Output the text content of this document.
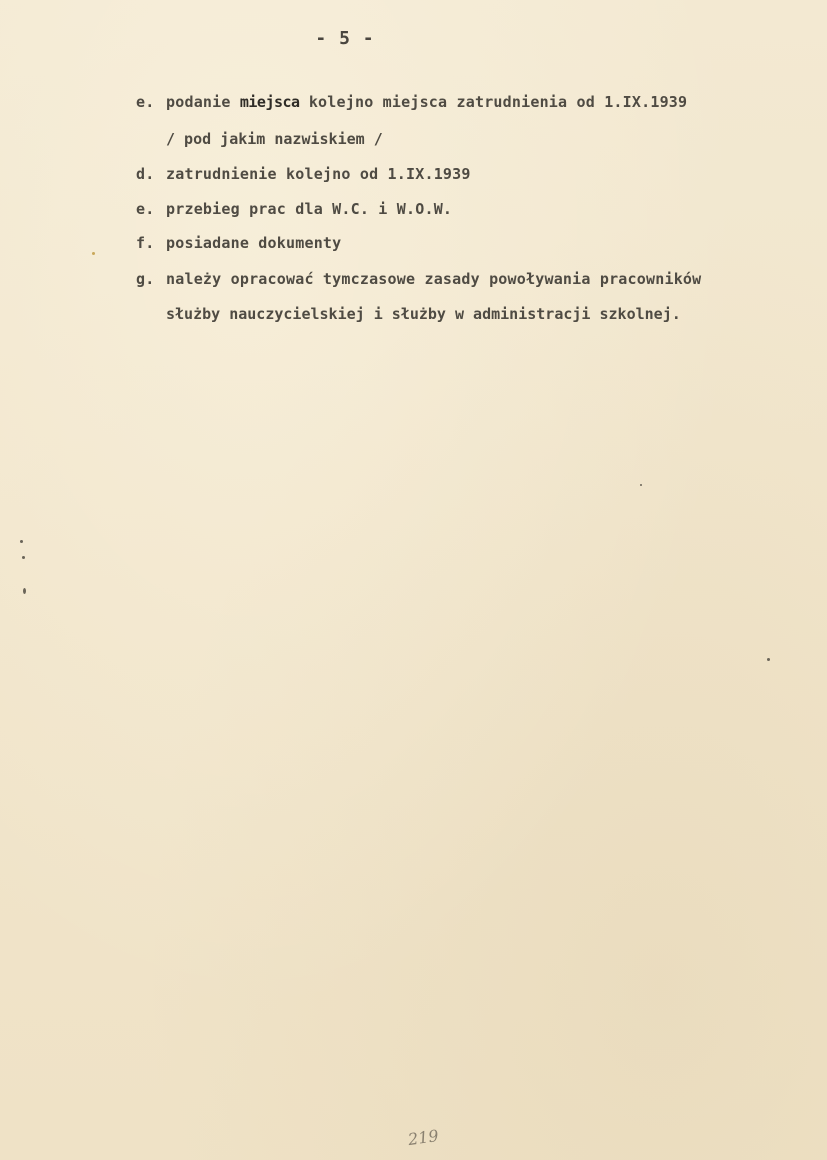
- 5 -
e. podanie miejsca kolejno miejsca zatrudnienia od 1.IX.1939
/ pod jakim nazwiskiem /
d. zatrudnienie kolejno od 1.IX.1939
e. przebieg prac dla W.C. i W.O.W.
f. posiadane dokumenty
g. należy opracować tymczasowe zasady powoływania pracowników
służby nauczycielskiej i służby w administracji szkolnej.
219
